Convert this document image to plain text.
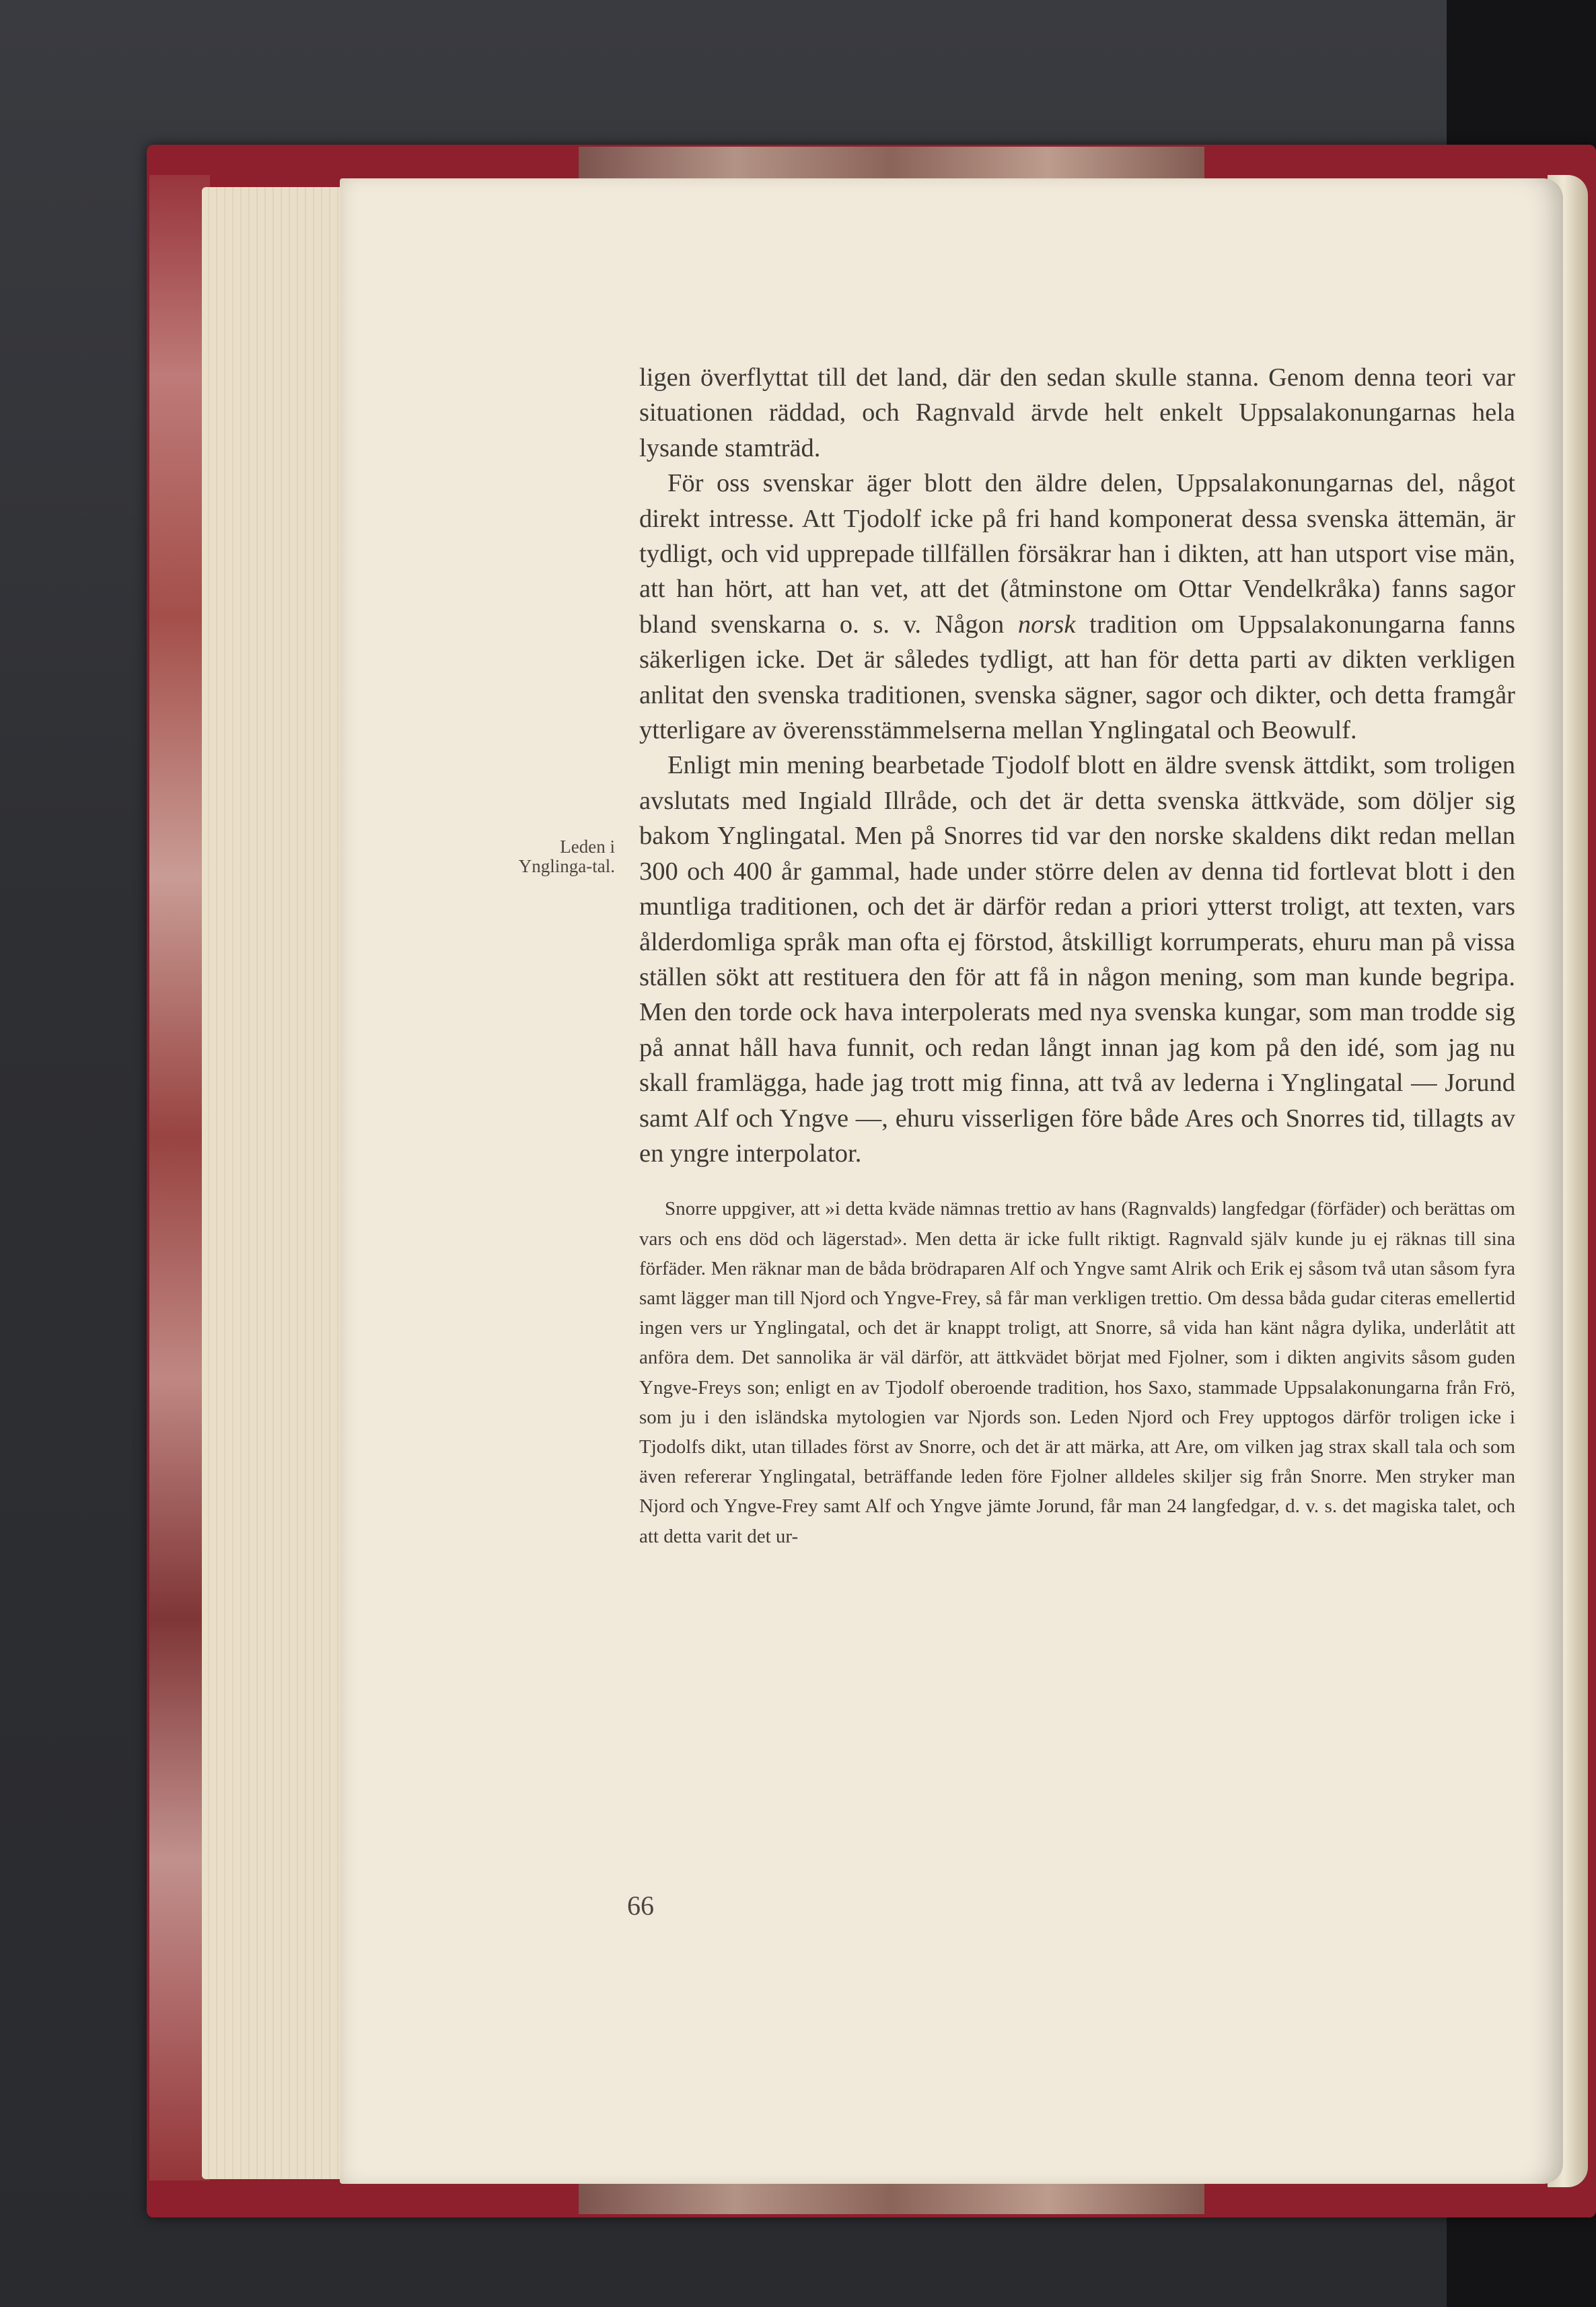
Leden i Ynglinga-tal.

ligen överflyttat till det land, där den sedan skulle stanna. Genom denna teori var situationen räddad, och Ragnvald ärvde helt enkelt Uppsalakonungarnas hela lysande stamträd.

För oss svenskar äger blott den äldre delen, Uppsalakonungarnas del, något direkt intresse. Att Tjodolf icke på fri hand komponerat dessa svenska ättemän, är tydligt, och vid upprepade tillfällen försäkrar han i dikten, att han utsport vise män, att han hört, att han vet, att det (åtminstone om Ottar Vendelkråka) fanns sagor bland svenskarna o. s. v. Någon norsk tradition om Uppsalakonungarna fanns säkerligen icke. Det är således tydligt, att han för detta parti av dikten verkligen anlitat den svenska traditionen, svenska sägner, sagor och dikter, och detta framgår ytterligare av överensstämmelserna mellan Ynglingatal och Beowulf.

Enligt min mening bearbetade Tjodolf blott en äldre svensk ättdikt, som troligen avslutats med Ingiald Illråde, och det är detta svenska ättkväde, som döljer sig bakom Ynglingatal. Men på Snorres tid var den norske skaldens dikt redan mellan 300 och 400 år gammal, hade under större delen av denna tid fortlevat blott i den muntliga traditionen, och det är därför redan a priori ytterst troligt, att texten, vars ålderdomliga språk man ofta ej förstod, åtskilligt korrumperats, ehuru man på vissa ställen sökt att restituera den för att få in någon mening, som man kunde begripa. Men den torde ock hava interpolerats med nya svenska kungar, som man trodde sig på annat håll hava funnit, och redan långt innan jag kom på den idé, som jag nu skall framlägga, hade jag trott mig finna, att två av lederna i Ynglingatal — Jorund samt Alf och Yngve —, ehuru visserligen före både Ares och Snorres tid, tillagts av en yngre interpolator.

Snorre uppgiver, att »i detta kväde nämnas trettio av hans (Ragnvalds) langfedgar (förfäder) och berättas om vars och ens död och lägerstad». Men detta är icke fullt riktigt. Ragnvald själv kunde ju ej räknas till sina förfäder. Men räknar man de båda brödraparen Alf och Yngve samt Alrik och Erik ej såsom två utan såsom fyra samt lägger man till Njord och Yngve-Frey, så får man verkligen trettio. Om dessa båda gudar citeras emellertid ingen vers ur Ynglingatal, och det är knappt troligt, att Snorre, så vida han känt några dylika, underlåtit att anföra dem. Det sannolika är väl därför, att ättkvädet börjat med Fjolner, som i dikten angivits såsom guden Yngve-Freys son; enligt en av Tjodolf oberoende tradition, hos Saxo, stammade Uppsalakonungarna från Frö, som ju i den isländska mytologien var Njords son. Leden Njord och Frey upptogos därför troligen icke i Tjodolfs dikt, utan tillades först av Snorre, och det är att märka, att Are, om vilken jag strax skall tala och som även refererar Ynglingatal, beträffande leden före Fjolner alldeles skiljer sig från Snorre. Men stryker man Njord och Yngve-Frey samt Alf och Yngve jämte Jorund, får man 24 langfedgar, d. v. s. det magiska talet, och att detta varit det ur-

66
